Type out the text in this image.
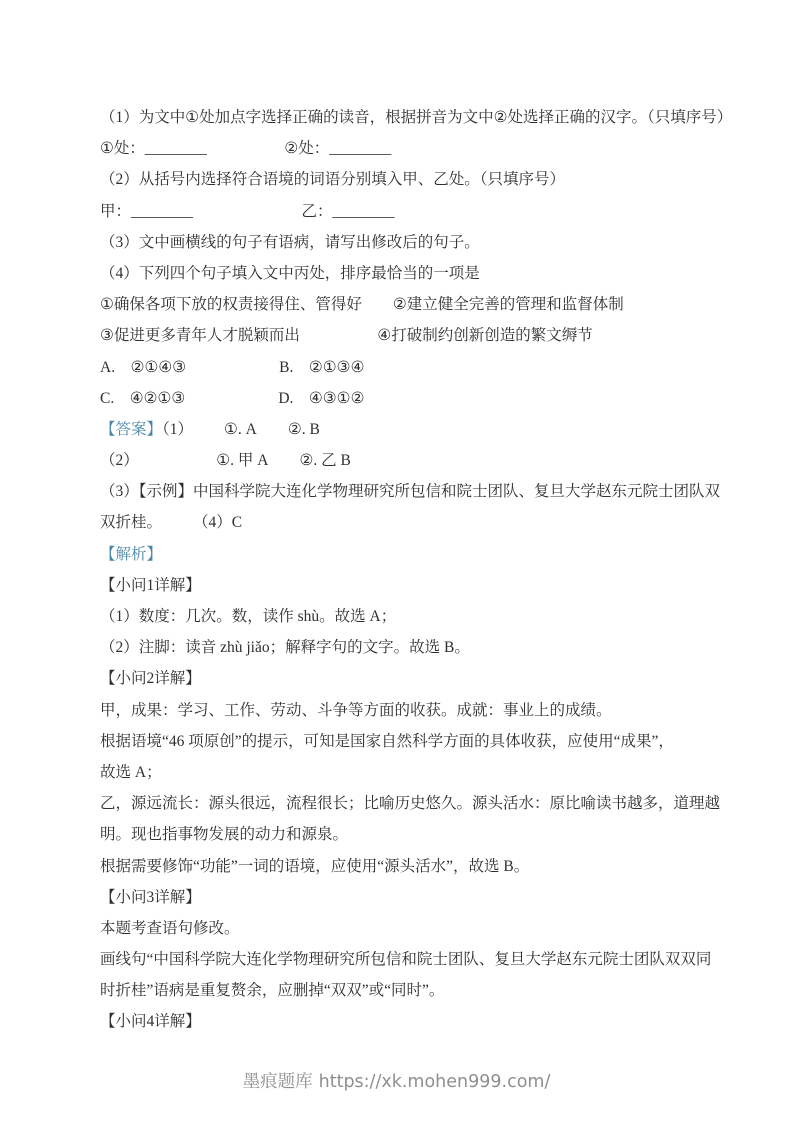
（1）为文中①处加点字选择正确的读音，根据拼音为文中②处选择正确的汉字。（只填序号）

①处：________	②处：________

（2）从括号内选择符合语境的词语分别填入甲、乙处。（只填序号）

甲：________	乙：________

（3）文中画横线的句子有语病，请写出修改后的句子。

（4）下列四个句子填入文中丙处，排序最恰当的一项是

①确保各项下放的权责接得住、管得好 ②建立健全完善的管理和监督体制

③促进更多青年人才脱颖而出	④打破制约创新创造的繁文缛节

A. ②①④③	B. ②①③④

C. ④②①③	D. ④③①②

【答案】（1） ①. A ②. B

（2）	①. 甲 A ②. 乙 B

（3）【示例】中国科学院大连化学物理研究所包信和院士团队、复旦大学赵东元院士团队双

双折桂。 （4）C

【解析】

【小问1详解】

（1）数度：几次。数，读作 shù。故选 A；

（2）注脚：读音 zhù jiǎo；解释字句的文字。故选 B。

【小问2详解】

甲，成果：学习、工作、劳动、斗争等方面的收获。成就：事业上的成绩。

根据语境“46 项原创”的提示，可知是国家自然科学方面的具体收获，应使用“成果”，

故选 A；

乙，源远流长：源头很远，流程很长；比喻历史悠久。源头活水：原比喻读书越多，道理越

明。现也指事物发展的动力和源泉。

根据需要修饰“功能”一词的语境，应使用“源头活水”，故选 B。

【小问3详解】

本题考查语句修改。

画线句“中国科学院大连化学物理研究所包信和院士团队、复旦大学赵东元院士团队双双同

时折桂”语病是重复赘余，应删掉“双双”或“同时”。

【小问4详解】

墨痕题库 https://xk.mohen999.com/
